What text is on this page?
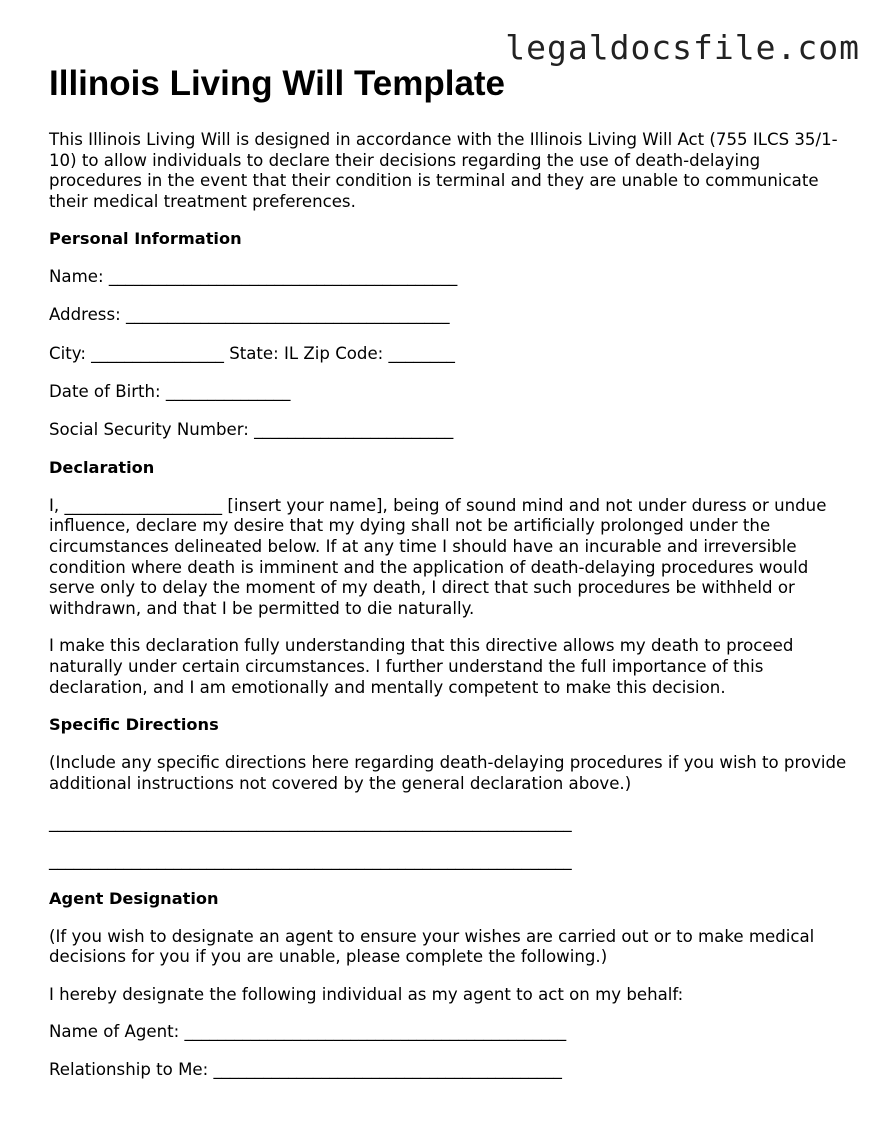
legaldocsfile.com
Illinois Living Will Template

This Illinois Living Will is designed in accordance with the Illinois Living Will Act (755 ILCS 35/1-10) to allow individuals to declare their decisions regarding the use of death-delaying procedures in the event that their condition is terminal and they are unable to communicate their medical treatment preferences.

Personal Information

Name: __________________________________________

Address: _______________________________________

City: ________________ State: IL Zip Code: ________

Date of Birth: _______________

Social Security Number: ________________________

Declaration

I, ___________________ [insert your name], being of sound mind and not under duress or undue influence, declare my desire that my dying shall not be artificially prolonged under the circumstances delineated below. If at any time I should have an incurable and irreversible condition where death is imminent and the application of death-delaying procedures would serve only to delay the moment of my death, I direct that such procedures be withheld or withdrawn, and that I be permitted to die naturally.

I make this declaration fully understanding that this directive allows my death to proceed naturally under certain circumstances. I further understand the full importance of this declaration, and I am emotionally and mentally competent to make this decision.

Specific Directions

(Include any specific directions here regarding death-delaying procedures if you wish to provide additional instructions not covered by the general declaration above.)

_______________________________________________________________

_______________________________________________________________

Agent Designation

(If you wish to designate an agent to ensure your wishes are carried out or to make medical decisions for you if you are unable, please complete the following.)

I hereby designate the following individual as my agent to act on my behalf:

Name of Agent: ______________________________________________

Relationship to Me: __________________________________________
